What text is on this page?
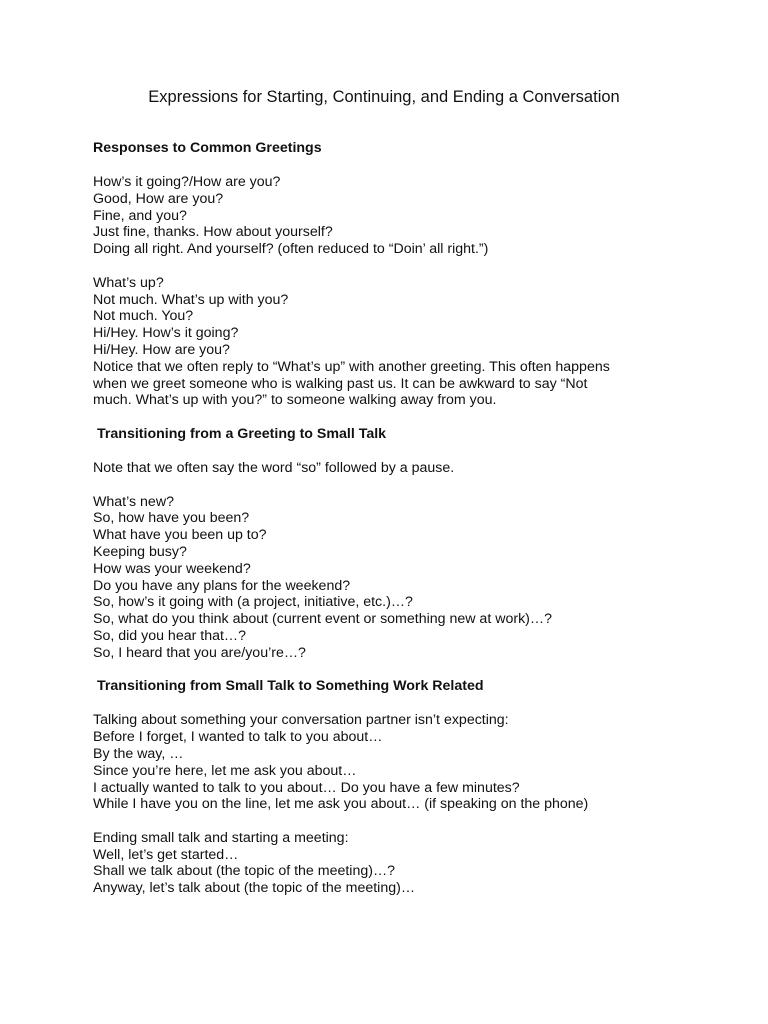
Expressions for Starting, Continuing, and Ending a Conversation
Responses to Common Greetings
How’s it going?/How are you?
Good, How are you?
Fine, and you?
Just fine, thanks. How about yourself?
Doing all right. And yourself? (often reduced to “Doin’ all right.”)
What’s up?
Not much. What’s up with you?
Not much. You?
Hi/Hey. How’s it going?
Hi/Hey. How are you?
Notice that we often reply to “What’s up” with another greeting. This often happens
when we greet someone who is walking past us. It can be awkward to say “Not
much. What’s up with you?” to someone walking away from you.
Transitioning from a Greeting to Small Talk
Note that we often say the word “so” followed by a pause.
What’s new?
So, how have you been?
What have you been up to?
Keeping busy?
How was your weekend?
Do you have any plans for the weekend?
So, how’s it going with (a project, initiative, etc.)…?
So, what do you think about (current event or something new at work)…?
So, did you hear that…?
So, I heard that you are/you’re…?
Transitioning from Small Talk to Something Work Related
Talking about something your conversation partner isn’t expecting:
Before I forget, I wanted to talk to you about…
By the way, …
Since you’re here, let me ask you about…
I actually wanted to talk to you about… Do you have a few minutes?
While I have you on the line, let me ask you about… (if speaking on the phone)
Ending small talk and starting a meeting:
Well, let’s get started…
Shall we talk about (the topic of the meeting)…?
Anyway, let’s talk about (the topic of the meeting)…
